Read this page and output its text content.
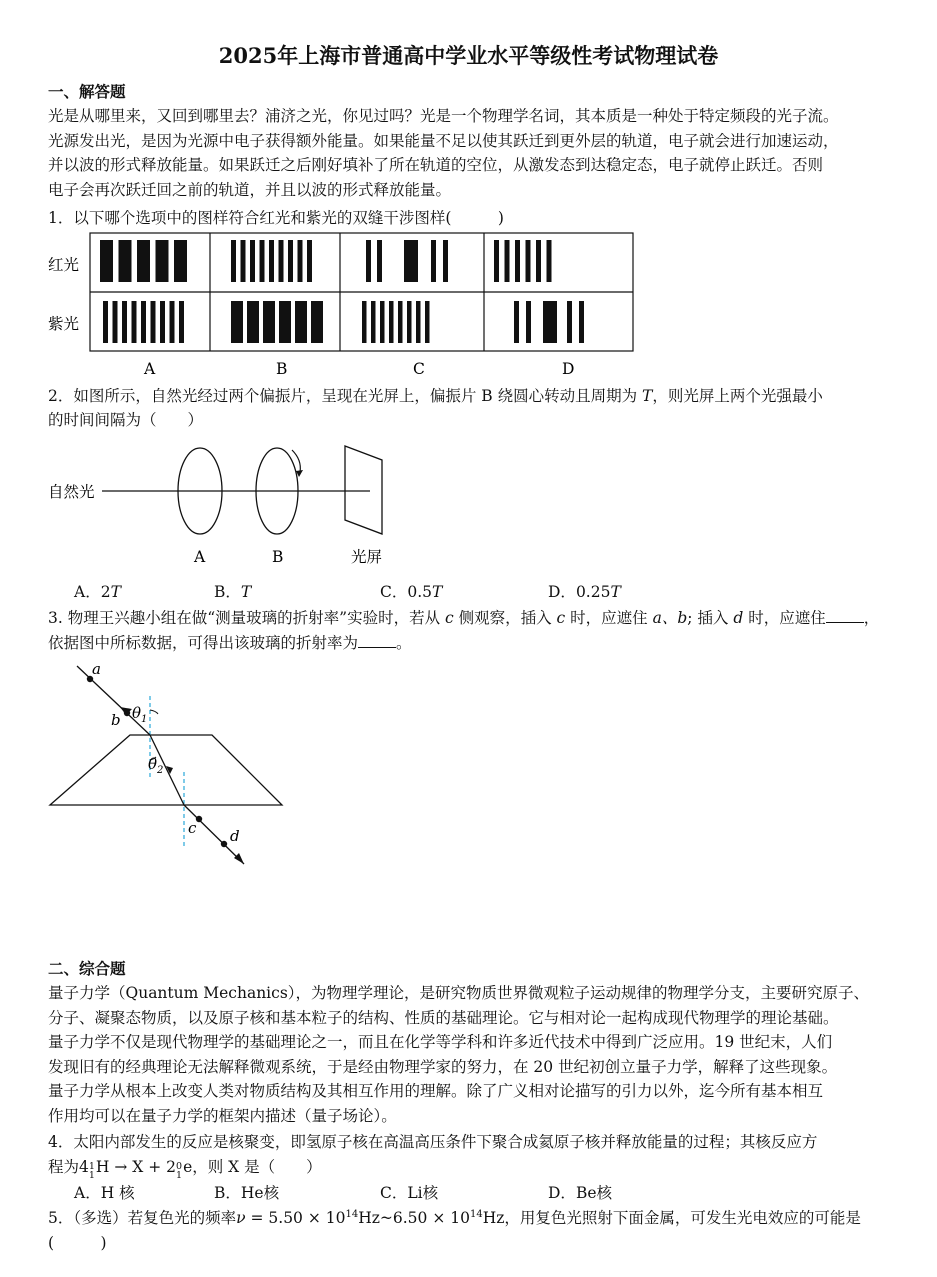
2025年上海市普通高中学业水平等级性考试物理试卷
一、解答题
光是从哪里来，又回到哪里去？浦济之光，你见过吗？光是一个物理学名词，其本质是一种处于特定频段的光子流。
光源发出光，是因为光源中电子获得额外能量。如果能量不足以使其跃迁到更外层的轨道，电子就会进行加速运动，
并以波的形式释放能量。如果跃迁之后刚好填补了所在轨道的空位，从激发态到达稳定态，电子就停止跃迁。否则
电子会再次跃迁回之前的轨道，并且以波的形式释放能量。
1．以下哪个选项中的图样符合红光和紫光的双缝干涉图样(　　　)
红光
紫光
A	B	C	D
2．如图所示，自然光经过两个偏振片，呈现在光屏上，偏振片 B 绕圆心转动且周期为 T，则光屏上两个光强最小
的时间间隔为（　　）
自然光
A	B	光屏
A．2T	B．T	C．0.5T	D．0.25T
3. 物理王兴趣小组在做“测量玻璃的折射率”实验时，若从 c 侧观察，插入 c 时，应遮住 a、b; 插入 d 时，应遮住 ，
依据图中所标数据，可得出该玻璃的折射率为 。
a
b $\theta_1$
$\theta_2$
c d
二、综合题
量子力学（Quantum Mechanics），为物理学理论，是研究物质世界微观粒子运动规律的物理学分支，主要研究原子、
分子、凝聚态物质，以及原子核和基本粒子的结构、性质的基础理论。它与相对论一起构成现代物理学的理论基础。
量子力学不仅是现代物理学的基础理论之一，而且在化学等学科和许多近代技术中得到广泛应用。19 世纪末，人们
发现旧有的经典理论无法解释微观系统，于是经由物理学家的努力，在 20 世纪初创立量子力学，解释了这些现象。
量子力学从根本上改变人类对物质结构及其相互作用的理解。除了广义相对论描写的引力以外，迄今所有基本相互
作用均可以在量子力学的框架内描述（量子场论）。
4．太阳内部发生的反应是核聚变，即氢原子核在高温高压条件下聚合成氦原子核并释放能量的过程；其核反应方
程为41
1H → X + 20
1e，则 X 是（　　）
A．H 核	B．He核	C．Li核	D．Be核
5．（多选）若复色光的频率$\nu = 5.50 \times 10^{14}Hz\sim 6.50 \times 10^{14}Hz$，用复色光照射下面金属，可发生光电效应的可能是
(　　　)
